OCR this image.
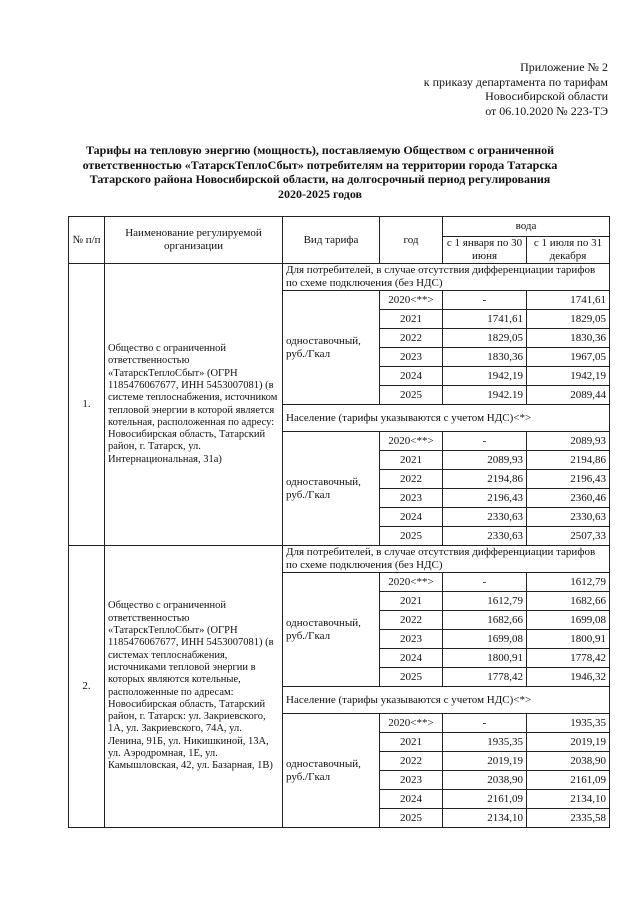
Приложение № 2
к приказу департамента по тарифам
Новосибирской области
от 06.10.2020 № 223-ТЭ
Тарифы на тепловую энергию (мощность), поставляемую Обществом с ограниченной
ответственностью «ТатарскТеплоСбыт» потребителям на территории города Татарска
Татарского района Новосибирской области, на долгосрочный период регулирования
2020-2025 годов
№ п/п	Наименование регулируемой организации	Вид тарифа	год	вода	
				с 1 января по 30 июня	с 1 июля по 31 декабря
1.	Общество с ограниченной ответственностью «ТатарскТеплоСбыт» (ОГРН 1185476067677, ИНН 5453007081) (в системе теплоснабжения, источником тепловой энергии в которой является котельная, расположенная по адресу: Новосибирская область, Татарский район, г. Татарск, ул. Интернациональная, 31а)	Для потребителей, в случае отсутствия дифференциации тарифов по схеме подключения (без НДС)			
		одноставочный, руб./Гкал	2020<**>	-	1741,61
			2021	1741,61	1829,05
			2022	1829,05	1830,36
			2023	1830,36	1967,05
			2024	1942,19	1942,19
			2025	1942.19	2089,44
		Население (тарифы указываются с учетом НДС)<*>			
		одноставочный, руб./Гкал	2020<**>	-	2089,93
			2021	2089,93	2194,86
			2022	2194,86	2196,43
			2023	2196,43	2360,46
			2024	2330,63	2330,63
			2025	2330,63	2507,33
2.	Общество с ограниченной ответственностью «ТатарскТеплоСбыт» (ОГРН 1185476067677, ИНН 5453007081) (в системах теплоснабжения, источниками тепловой энергии в которых являются котельные, расположенные по адресам: Новосибирская область, Татарский район, г. Татарск: ул. Закриевского, 1А, ул. Закриевского, 74А, ул. Ленина, 91Б, ул. Никишкиной, 13А, ул. Аэродромная, 1Е, ул. Камышловская, 42, ул. Базарная, 1В)	Для потребителей, в случае отсутствия дифференциации тарифов по схеме подключения (без НДС)			
		одноставочный, руб./Гкал	2020<**>	-	1612,79
			2021	1612,79	1682,66
			2022	1682,66	1699,08
			2023	1699,08	1800,91
			2024	1800,91	1778,42
			2025	1778,42	1946,32
		Население (тарифы указываются с учетом НДС)<*>			
		одноставочный, руб./Гкал	2020<**>	-	1935,35
			2021	1935,35	2019,19
			2022	2019,19	2038,90
			2023	2038,90	2161,09
			2024	2161,09	2134,10
			2025	2134,10	2335,58
